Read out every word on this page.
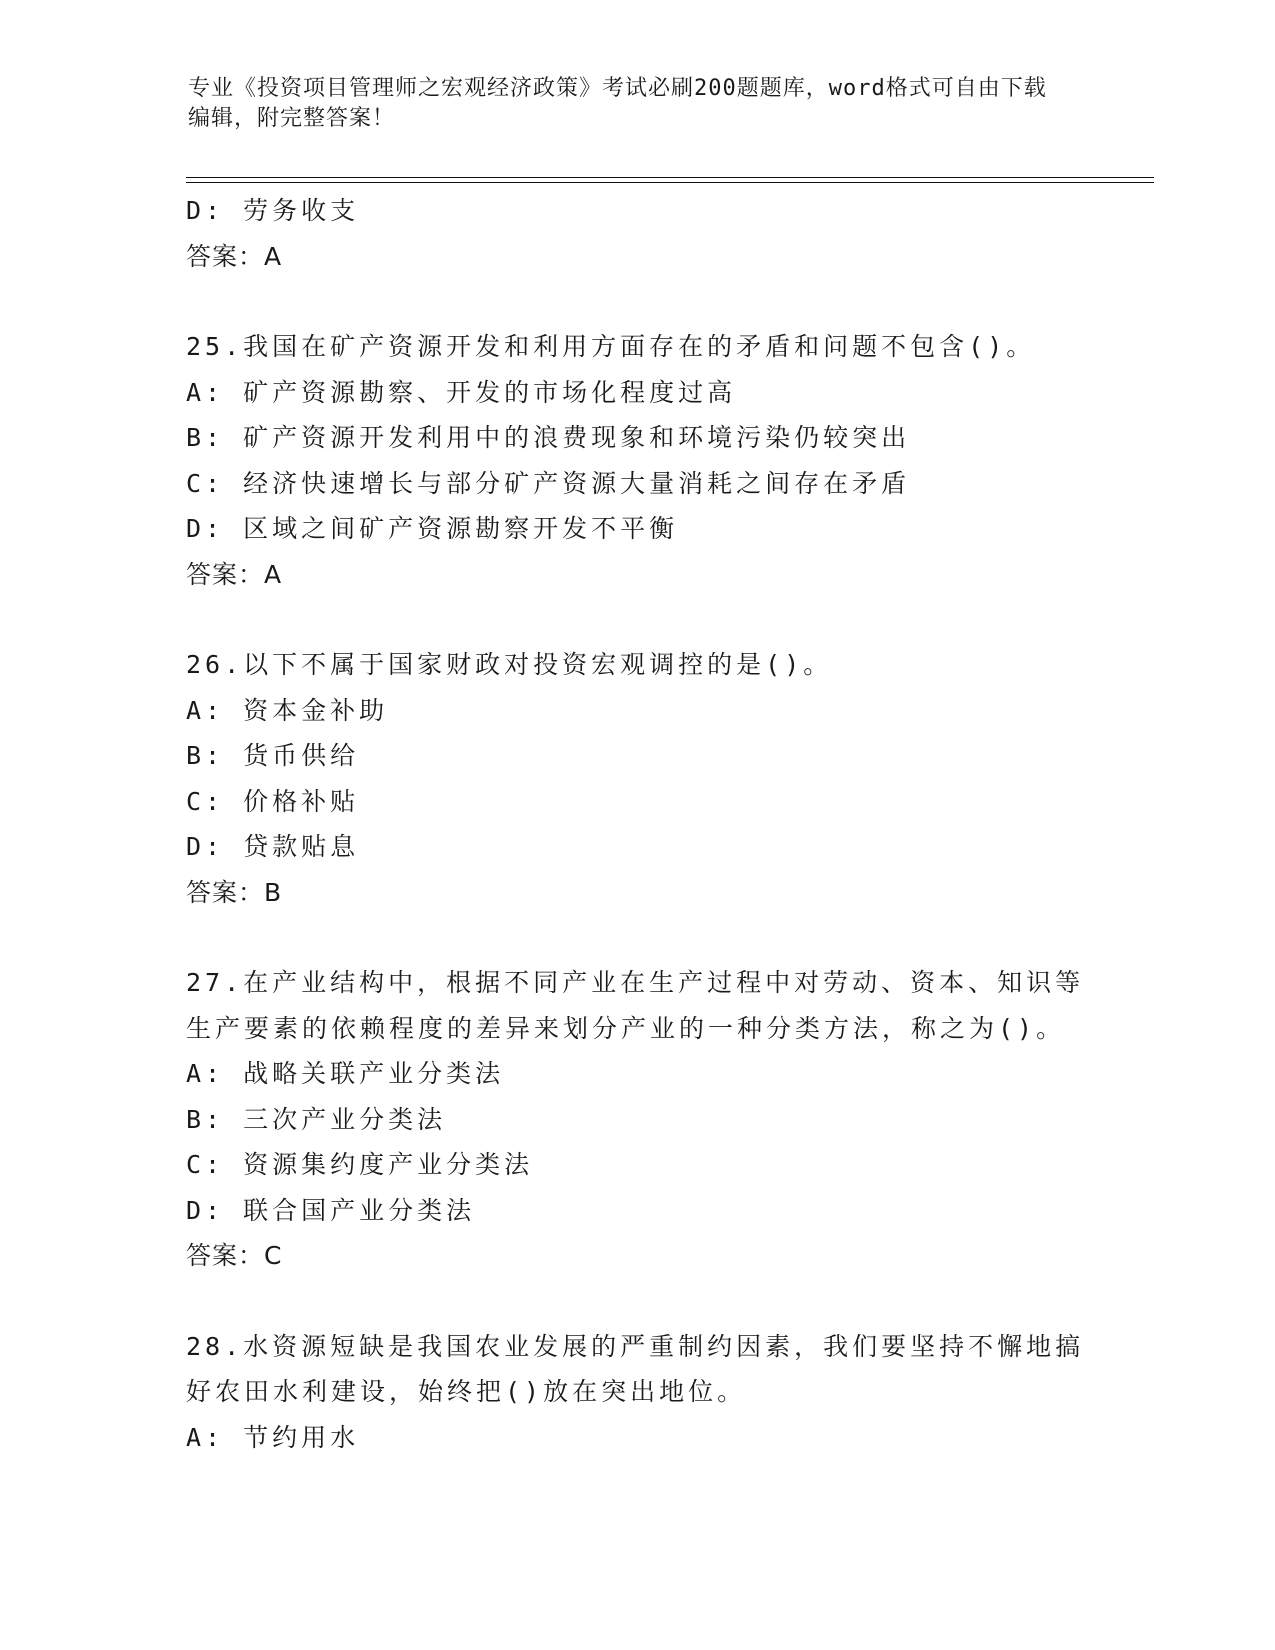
专业《投资项目管理师之宏观经济政策》考试必刷200题题库，word格式可自由下载编辑，附完整答案！
D: 劳务收支
答案：A
25.我国在矿产资源开发和利用方面存在的矛盾和问题不包含()。
A: 矿产资源勘察、开发的市场化程度过高
B: 矿产资源开发利用中的浪费现象和环境污染仍较突出
C: 经济快速增长与部分矿产资源大量消耗之间存在矛盾
D: 区域之间矿产资源勘察开发不平衡
答案：A
26.以下不属于国家财政对投资宏观调控的是()。
A: 资本金补助
B: 货币供给
C: 价格补贴
D: 贷款贴息
答案：B
27.在产业结构中，根据不同产业在生产过程中对劳动、资本、知识等生产要素的依赖程度的差异来划分产业的一种分类方法，称之为()。
A: 战略关联产业分类法
B: 三次产业分类法
C: 资源集约度产业分类法
D: 联合国产业分类法
答案：C
28.水资源短缺是我国农业发展的严重制约因素，我们要坚持不懈地搞好农田水利建设，始终把()放在突出地位。
A: 节约用水
